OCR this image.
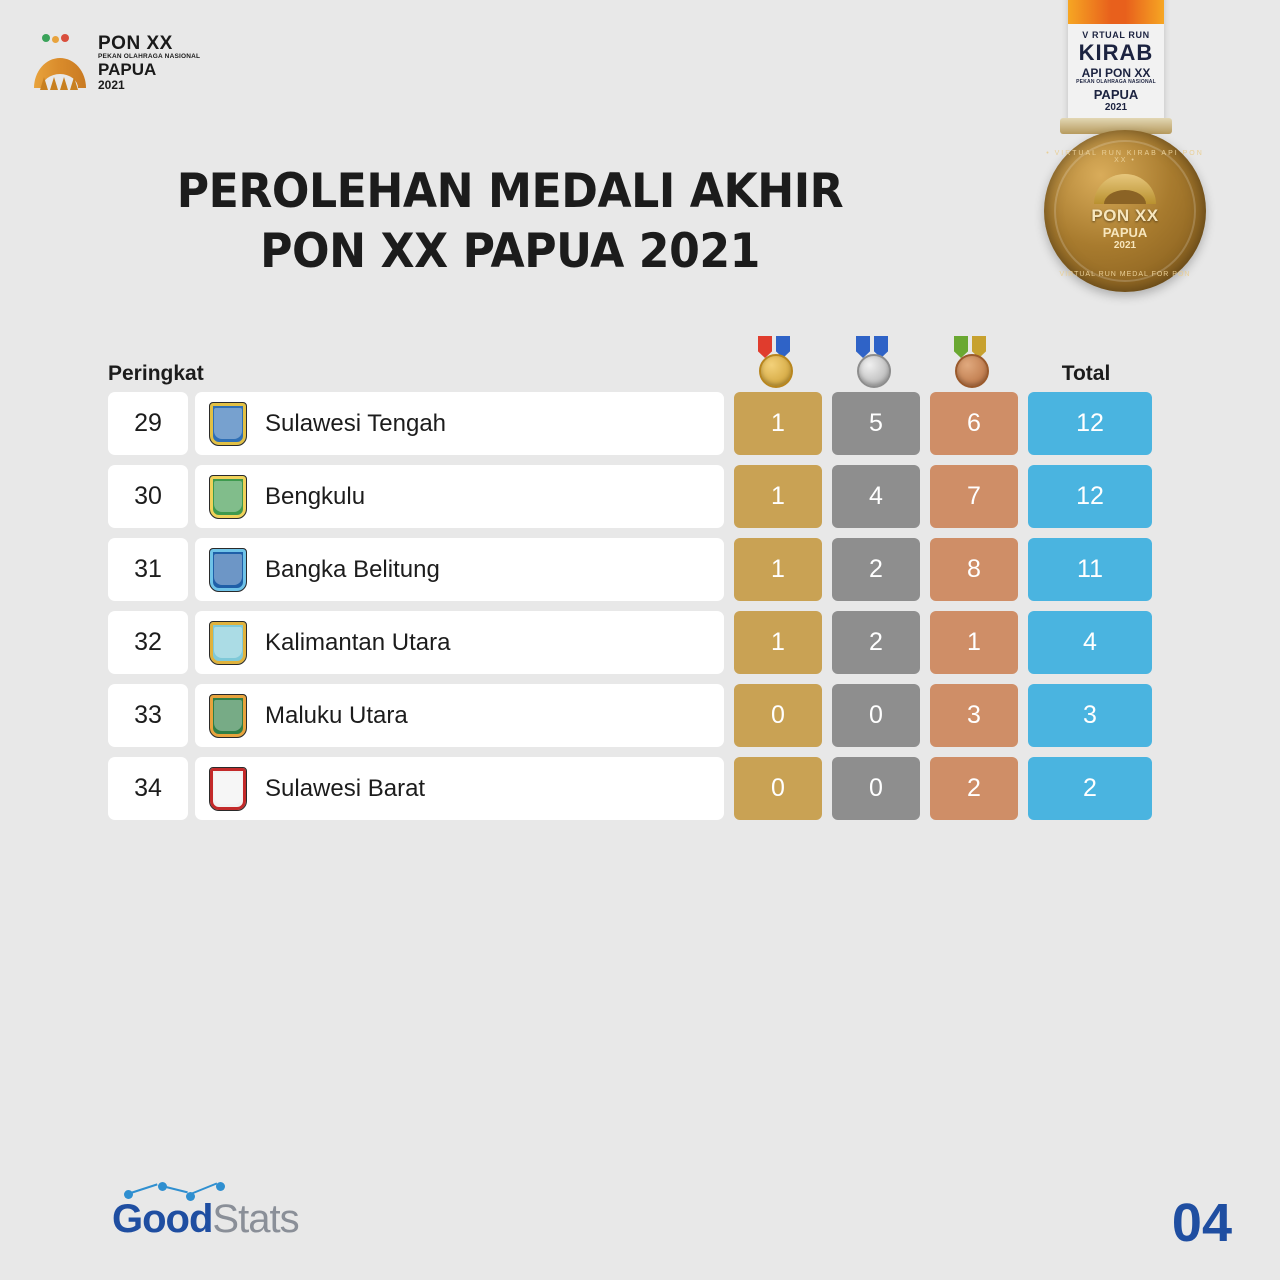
PON XX
PEKAN OLAHRAGA NASIONAL
PAPUA
2021
V RTUAL RUN
KIRAB
API PON XX
PEKAN OLAHRAGA NASIONAL
PAPUA
2021
• VIRTUAL RUN KIRAB API PON XX •
PON XX
PAPUA
2021
VIRTUAL RUN MEDAL FOR PON
PEROLEHAN MEDALI AKHIR
PON XX PAPUA 2021
Peringkat	Total
29	Sulawesi Tengah	1	5	6	12
30	Bengkulu	1	4	7	12
31	Bangka Belitung	1	2	8	11
32	Kalimantan Utara	1	2	1	4
33	Maluku Utara	0	0	3	3
34	Sulawesi Barat	0	0	2	2
Good Stats	04
